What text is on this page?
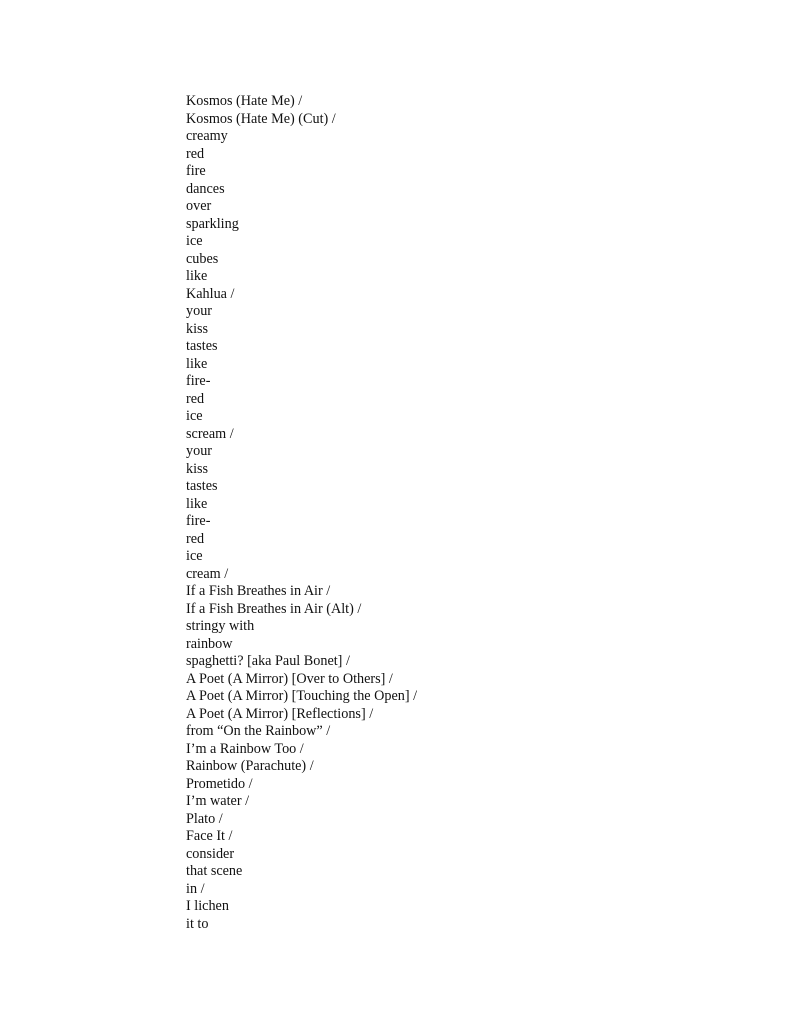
Kosmos (Hate Me) /
Kosmos (Hate Me) (Cut) /
creamy
red
fire
dances
over
sparkling
ice
cubes
like
Kahlua /
your
kiss
tastes
like
fire-
red
ice
scream /
your
kiss
tastes
like
fire-
red
ice
cream /
If a Fish Breathes in Air /
If a Fish Breathes in Air (Alt) /
stringy with
rainbow
spaghetti? [aka Paul Bonet] /
A Poet (A Mirror) [Over to Others] /
A Poet (A Mirror) [Touching the Open] /
A Poet (A Mirror) [Reflections] /
from “On the Rainbow” /
I’m a Rainbow Too /
Rainbow (Parachute) /
Prometido /
I’m water /
Plato /
Face It /
consider
that scene
in /
I lichen
it to
